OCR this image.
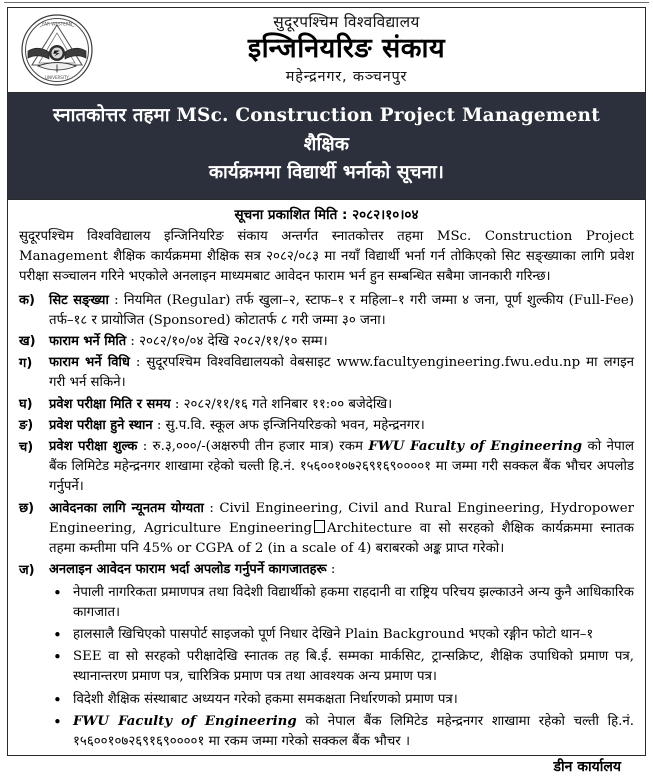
FAR WESTERN
UNIVERSITY
सुदूरपश्चिम विश्वविद्यालय
इन्जिनियरिङ संकाय
महेन्द्रनगर, कञ्चनपुर
स्नातकोत्तर तहमा MSc. Construction Project Management शैक्षिक
कार्यक्रममा विद्यार्थी भर्नाको सूचना।
सूचना प्रकाशित मिति : २०८२।१०।०४

सुदूरपश्चिम विश्वविद्यालय इन्जिनियरिङ संकाय अन्तर्गत स्नातकोत्तर तहमा MSc. Construction Project Management शैक्षिक कार्यक्रममा शैक्षिक सत्र २०८२/०८३ मा नयाँ विद्यार्थी भर्ना गर्न तोकिएको सिट सङ्ख्याका लागि प्रवेश परीक्षा सञ्चालन गरिने भएकोले अनलाइन माध्यमबाट आवेदन फाराम भर्न हुन सम्बन्धित सबैमा जानकारी गरिन्छ।

क)	सिट सङ्ख्या : नियमित (Regular) तर्फ खुला–२, स्टाफ–१ र महिला–१ गरी जम्मा ४ जना, पूर्ण शुल्कीय (Full-Fee) तर्फ–१८ र प्रायोजित (Sponsored) कोटातर्फ ८ गरी जम्मा ३० जना।
ख)	फाराम भर्ने मिति : २०८२/१०/०४ देखि २०८२/११/१० सम्म।
ग)	फाराम भर्ने विधि : सुदूरपश्चिम विश्वविद्यालयको वेबसाइट www.facultyengineering.fwu.edu.np मा लगइन गरी भर्न सकिने।
घ)	प्रवेश परीक्षा मिति र समय : २०८२/११/१६ गते शनिबार ११:०० बजेदेखि।
ङ)	प्रवेश परीक्षा हुने स्थान : सु.प.वि. स्कूल अफ इन्जिनियरिङको भवन, महेन्द्रनगर।
च)	प्रवेश परीक्षा शुल्क : रु.३,०००/-(अक्षरुपी तीन हजार मात्र) रकम FWU Faculty of Engineering को नेपाल बैंक लिमिटेड महेन्द्रनगर शाखामा रहेको चल्ती हि.नं. १५६००१०७२६९१६९००००१ मा जम्मा गरी सक्कल बैंक भौचर अपलोड गर्नुपर्ने।
छ)	आवेदनका लागि न्यूनतम योग्यता : Civil Engineering, Civil and Rural Engineering, Hydropower Engineering, Agriculture Engineering Architecture वा सो सरहको शैक्षिक कार्यक्रममा स्नातक तहमा कम्तीमा पनि 45% or CGPA of 2 (in a scale of 4) बराबरको अङ्क प्राप्त गरेको।
ज)	अनलाइन आवेदन फाराम भर्दा अपलोड गर्नुपर्ने कागजातहरू :
• नेपाली नागरिकता प्रमाणपत्र तथा विदेशी विद्यार्थीको हकमा राहदानी वा राष्ट्रिय परिचय झल्काउने अन्य कुनै आधिकारिक कागजात।
• हालसालै खिचिएको पासपोर्ट साइजको पूर्ण निधार देखिने Plain Background भएको रङ्गीन फोटो थान–१
• SEE वा सो सरहको परीक्षादेखि स्नातक तह बि.ई. सम्मका मार्कसिट, ट्रान्सक्रिप्ट, शैक्षिक उपाधिको प्रमाण पत्र, स्थानान्तरण प्रमाण पत्र, चारित्रिक प्रमाण पत्र तथा आवश्यक अन्य प्रमाण पत्र।
• विदेशी शैक्षिक संस्थाबाट अध्ययन गरेको हकमा समकक्षता निर्धारणको प्रमाण पत्र।
• FWU Faculty of Engineering को नेपाल बैंक लिमिटेड महेन्द्रनगर शाखामा रहेको चल्ती हि.नं. १५६००१०७२६९१६९००००१ मा रकम जम्मा गरेको सक्कल बैंक भौचर ।
डीन कार्यालय
